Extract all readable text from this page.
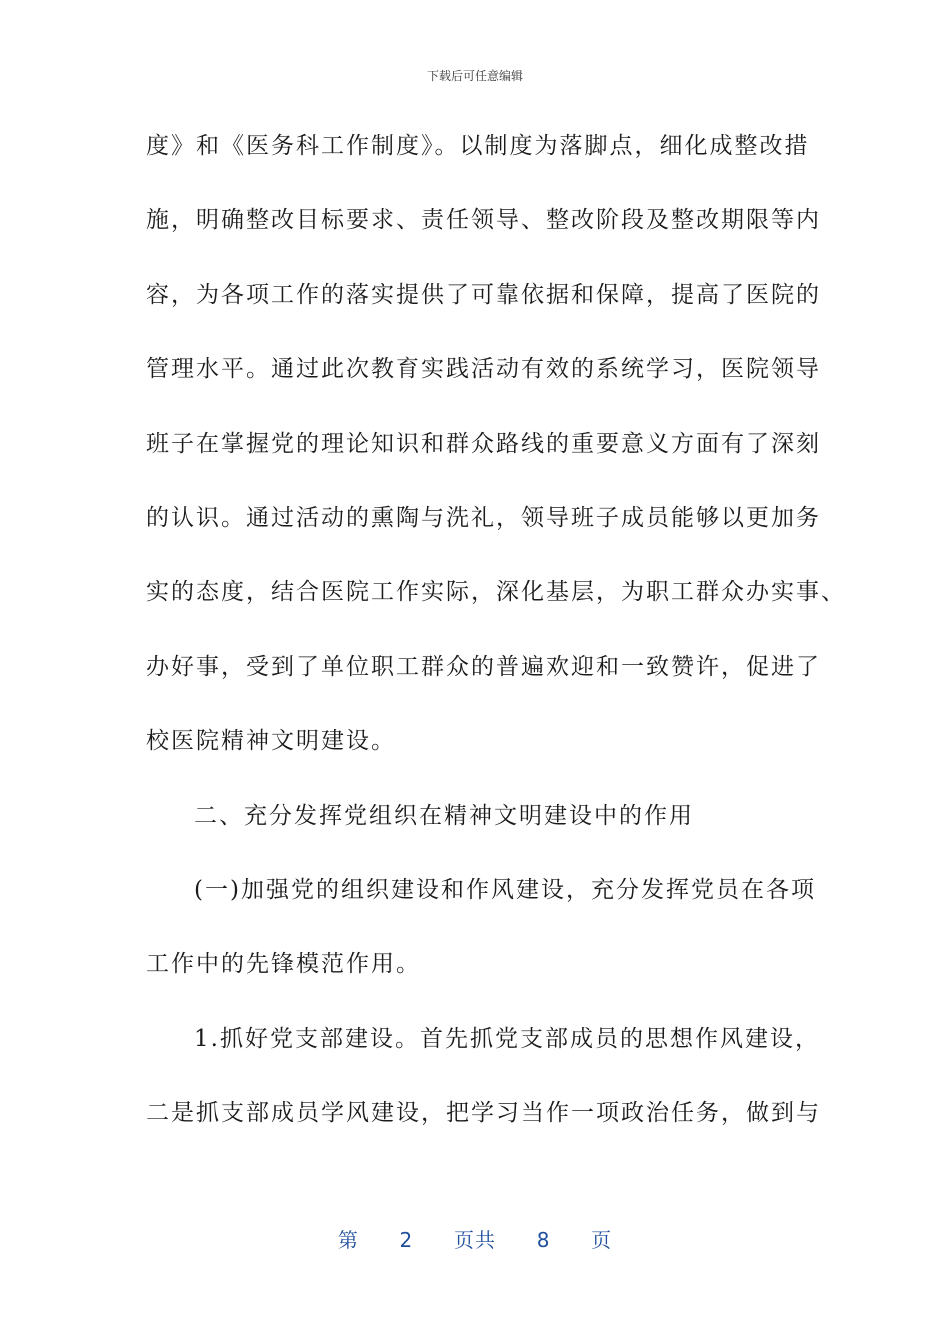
下载后可任意编辑
度》和《医务科工作制度》。以制度为落脚点，细化成整改措
施，明确整改目标要求、责任领导、整改阶段及整改期限等内
容，为各项工作的落实提供了可靠依据和保障，提高了医院的
管理水平。通过此次教育实践活动有效的系统学习，医院领导
班子在掌握党的理论知识和群众路线的重要意义方面有了深刻
的认识。通过活动的熏陶与洗礼，领导班子成员能够以更加务
实的态度，结合医院工作实际，深化基层，为职工群众办实事、
办好事，受到了单位职工群众的普遍欢迎和一致赞许，促进了
校医院精神文明建设。
二、充分发挥党组织在精神文明建设中的作用
(一)加强党的组织建设和作风建设，充分发挥党员在各项
工作中的先锋模范作用。
1.抓好党支部建设。首先抓党支部成员的思想作风建设，
二是抓支部成员学风建设，把学习当作一项政治任务，做到与
第 2 页共 8 页
